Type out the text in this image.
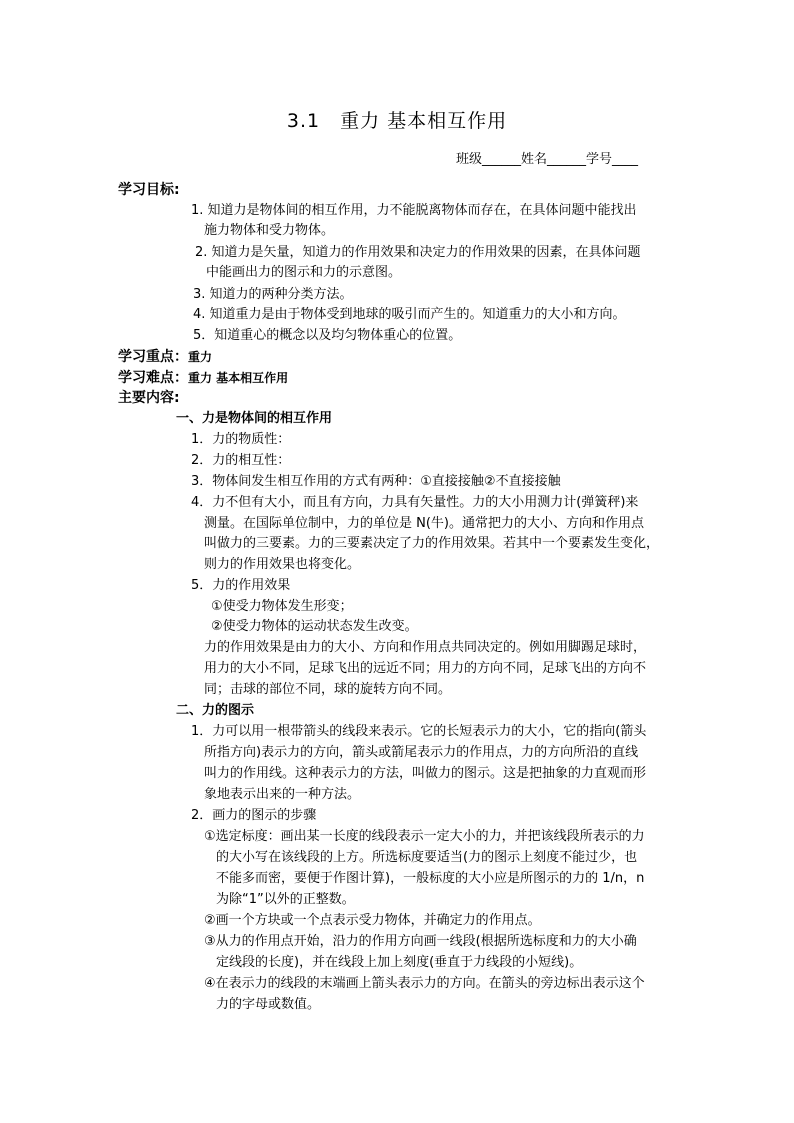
3.1　重力 基本相互作用
班级______姓名______学号____
学习目标:
1. 知道力是物体间的相互作用，力不能脱离物体而存在，在具体问题中能找出
施力物体和受力物体。
2. 知道力是矢量，知道力的作用效果和决定力的作用效果的因素，在具体问题
中能画出力的图示和力的示意图。
3. 知道力的两种分类方法。
4. 知道重力是由于物体受到地球的吸引而产生的。知道重力的大小和方向。
5．知道重心的概念以及均匀物体重心的位置。
学习重点：重力
学习难点：重力 基本相互作用
主要内容:
一、力是物体间的相互作用
1．力的物质性：
2．力的相互性：
3．物体间发生相互作用的方式有两种：①直接接触②不直接接触
4．力不但有大小，而且有方向，力具有矢量性。力的大小用测力计(弹簧秤)来
测量。在国际单位制中，力的单位是 N(牛)。通常把力的大小、方向和作用点
叫做力的三要素。力的三要素决定了力的作用效果。若其中一个要素发生变化，
则力的作用效果也将变化。
5．力的作用效果
①使受力物体发生形变；
②使受力物体的运动状态发生改变。
力的作用效果是由力的大小、方向和作用点共同决定的。例如用脚踢足球时，
用力的大小不同，足球飞出的远近不同；用力的方向不同，足球飞出的方向不
同；击球的部位不同，球的旋转方向不同。
二、力的图示
1．力可以用一根带箭头的线段来表示。它的长短表示力的大小，它的指向(箭头
所指方向)表示力的方向，箭头或箭尾表示力的作用点，力的方向所沿的直线
叫力的作用线。这种表示力的方法，叫做力的图示。这是把抽象的力直观而形
象地表示出来的一种方法。
2．画力的图示的步骤
①选定标度：画出某一长度的线段表示一定大小的力，并把该线段所表示的力
的大小写在该线段的上方。所选标度要适当(力的图示上刻度不能过少，也
不能多而密，要便于作图计算)，一般标度的大小应是所图示的力的 1/n，n
为除“1”以外的正整数。
②画一个方块或一个点表示受力物体，并确定力的作用点。
③从力的作用点开始，沿力的作用方向画一线段(根据所选标度和力的大小确
定线段的长度)，并在线段上加上刻度(垂直于力线段的小短线)。
④在表示力的线段的末端画上箭头表示力的方向。在箭头的旁边标出表示这个
力的字母或数值。
